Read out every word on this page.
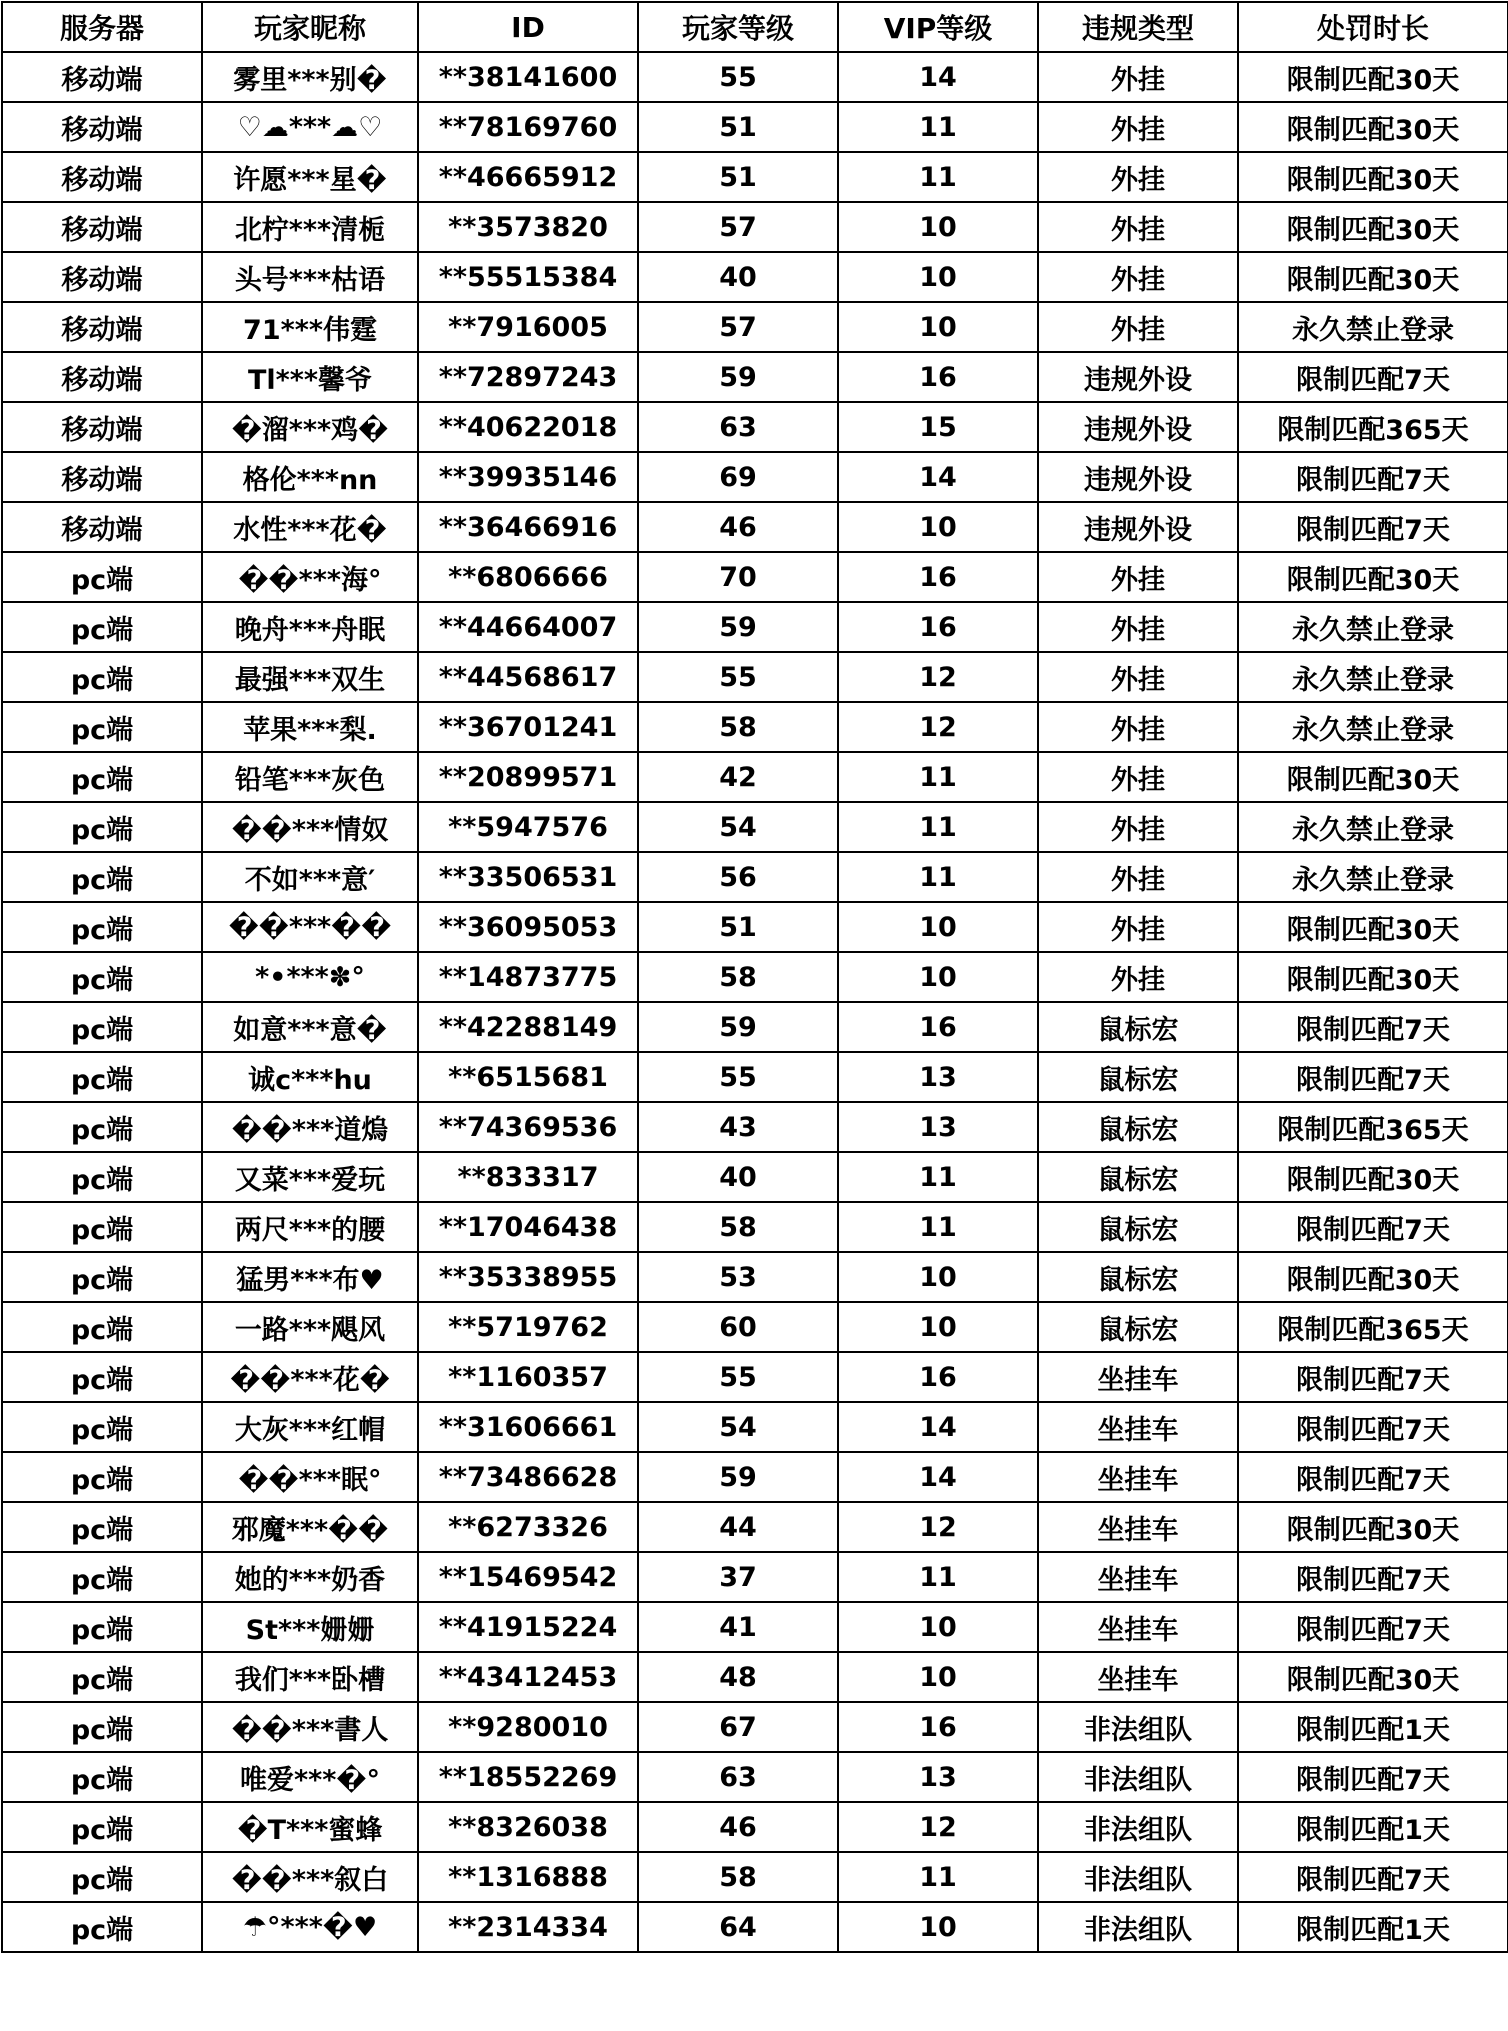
服务器	玩家昵称	ID	玩家等级	VIP等级	违规类型	处罚时长
移动端	雾里***别�	**38141600	55	14	外挂	限制匹配30天
移动端	♡☁***☁♡	**78169760	51	11	外挂	限制匹配30天
移动端	许愿***星�	**46665912	51	11	外挂	限制匹配30天
移动端	北柠***清栀	**3573820	57	10	外挂	限制匹配30天
移动端	头号***枯语	**55515384	40	10	外挂	限制匹配30天
移动端	71***伟霆	**7916005	57	10	外挂	永久禁止登录
移动端	Tl***馨爷	**72897243	59	16	违规外设	限制匹配7天
移动端	�溜***鸡�	**40622018	63	15	违规外设	限制匹配365天
移动端	格伦***nn	**39935146	69	14	违规外设	限制匹配7天
移动端	水性***花�	**36466916	46	10	违规外设	限制匹配7天
pc端	��***海°	**6806666	70	16	外挂	限制匹配30天
pc端	晚舟***舟眠	**44664007	59	16	外挂	永久禁止登录
pc端	最强***双生	**44568617	55	12	外挂	永久禁止登录
pc端	苹果***梨.	**36701241	58	12	外挂	永久禁止登录
pc端	铅笔***灰色	**20899571	42	11	外挂	限制匹配30天
pc端	��***情奴	**5947576	54	11	外挂	永久禁止登录
pc端	不如***意′	**33506531	56	11	外挂	永久禁止登录
pc端	��***��	**36095053	51	10	外挂	限制匹配30天
pc端	*•***✽°	**14873775	58	10	外挂	限制匹配30天
pc端	如意***意�	**42288149	59	16	鼠标宏	限制匹配7天
pc端	诚c***hu	**6515681	55	13	鼠标宏	限制匹配7天
pc端	��***道熓	**74369536	43	13	鼠标宏	限制匹配365天
pc端	又菜***爱玩	**833317	40	11	鼠标宏	限制匹配30天
pc端	两尺***的腰	**17046438	58	11	鼠标宏	限制匹配7天
pc端	猛男***布♥	**35338955	53	10	鼠标宏	限制匹配30天
pc端	一路***飓风	**5719762	60	10	鼠标宏	限制匹配365天
pc端	��***花�	**1160357	55	16	坐挂车	限制匹配7天
pc端	大灰***红帽	**31606661	54	14	坐挂车	限制匹配7天
pc端	��***眠°	**73486628	59	14	坐挂车	限制匹配7天
pc端	邪魔***��	**6273326	44	12	坐挂车	限制匹配30天
pc端	她的***奶香	**15469542	37	11	坐挂车	限制匹配7天
pc端	St***姗姗	**41915224	41	10	坐挂车	限制匹配7天
pc端	我们***卧槽	**43412453	48	10	坐挂车	限制匹配30天
pc端	��***書人	**9280010	67	16	非法组队	限制匹配1天
pc端	唯爱***�°	**18552269	63	13	非法组队	限制匹配7天
pc端	�T***蜜蜂	**8326038	46	12	非法组队	限制匹配1天
pc端	��***叙白	**1316888	58	11	非法组队	限制匹配7天
pc端	☂°***�♥	**2314334	64	10	非法组队	限制匹配1天
